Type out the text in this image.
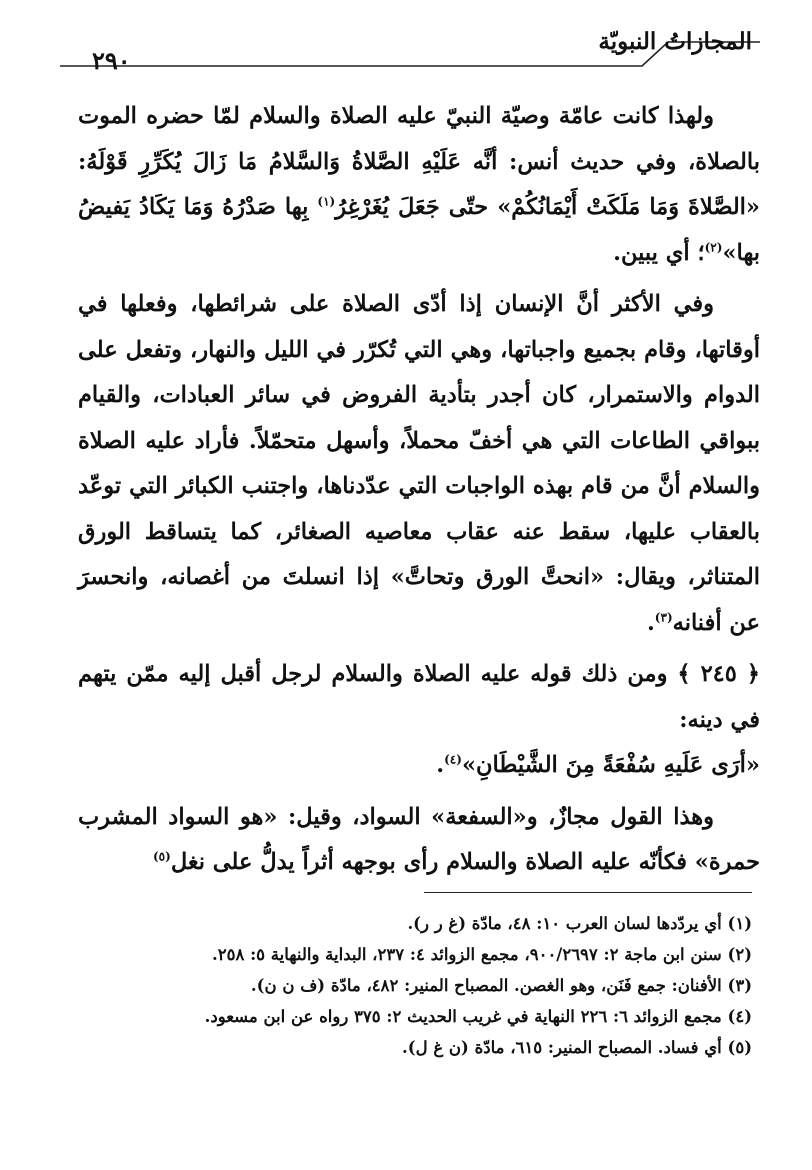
المجازاتُ النبويّة
٢٩٠

ولهذا كانت عامّة وصيّة النبيّ عليه الصلاة والسلام لمّا حضره الموت بالصلاة، وفي حديث أنس: أنَّه عَلَيْهِ الصَّلاةُ وَالسَّلامُ مَا زَالَ يُكَرِّرِ قَوْلَهُ: «الصَّلاةَ وَمَا مَلَكَتْ أَيْمَانُكُمْ» حتّى جَعَلَ يُغَرْغِرُ$^{(١)}$ بِها صَدْرُهُ وَمَا يَكَادُ يَفيضُ بها»$^{(٢)}$؛ أي يبين.

وفي الأكثر أنَّ الإنسان إذا أدّى الصلاة على شرائطها، وفعلها في أوقاتها، وقام بجميع واجباتها، وهي التي تُكرّر في الليل والنهار، وتفعل على الدوام والاستمرار، كان أجدر بتأدية الفروض في سائر العبادات، والقيام ببواقي الطاعات التي هي أخفّ محملاً، وأسهل متحمّلاً. فأراد عليه الصلاة والسلام أنَّ من قام بهذه الواجبات التي عدّدناها، واجتنب الكبائر التي توعّد بالعقاب عليها، سقط عنه عقاب معاصيه الصغائر، كما يتساقط الورق المتناثر، ويقال: «انحتَّ الورق وتحاتَّ» إذا انسلتَ من أغصانه، وانحسرَ عن أفنانه$^{(٣)}$.

﴿ ٢٤٥ ﴾ ومن ذلك قوله عليه الصلاة والسلام لرجل أقبل إليه ممّن يتهم في دينه:
«أرَى عَلَيهِ سُفْعَةً مِنَ الشَّيْطَانِ»$^{(٤)}$.

وهذا القول مجازٌ، و«السفعة» السواد، وقيل: «هو السواد المشرب حمرة» فكأنّه عليه الصلاة والسلام رأى بوجهه أثراً يدلُّ على نغل$^{(٥)}$

(١) أي يردّدها لسان العرب ١٠: ٤٨، مادّة (غ ر ر).

(٢) سنن ابن ماجة ٢: ٩٠٠/٢٦٩٧، مجمع الزوائد ٤: ٢٣٧، البداية والنهاية ٥: ٢٥٨.

(٣) الأفنان: جمع فَنَن، وهو الغصن. المصباح المنير: ٤٨٢، مادّة (ف ن ن).

(٤) مجمع الزوائد ٦: ٢٢٦ النهاية في غريب الحديث ٢: ٣٧٥ رواه عن ابن مسعود.

(٥) أي فساد. المصباح المنير: ٦١٥، مادّة (ن غ ل).
